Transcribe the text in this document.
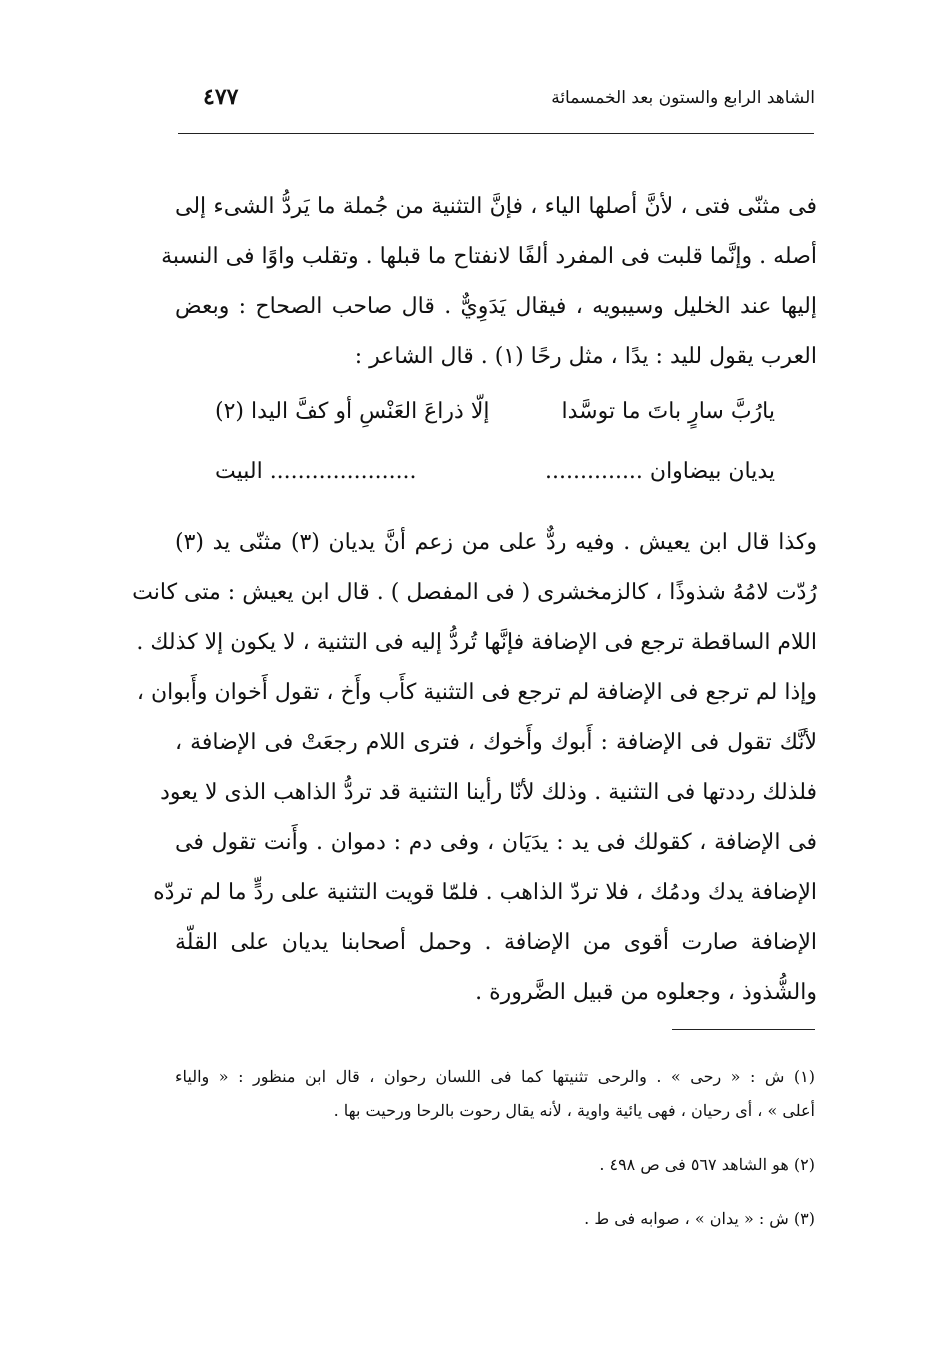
الشاهد الرابع والستون بعد الخمسمائة
٤٧٧
فى مثنّى فتى ، لأنَّ أصلها الياء ، فإنَّ التثنية من جُملة ما يَردُّ الشىء إلى
أصله . وإنَّما قلبت فى المفرد ألفًا لانفتاح ما قبلها . وتقلب واوًا فى النسبة
إليها عند الخليل وسيبويه ، فيقال يَدَوِيٌّ . قال صاحب الصحاح : وبعض
العرب يقول لليد : يدًا ، مثل رحًا (١) . قال الشاعر :
يارُبَّ سارٍ باتَ ما توسَّدا
إلّا ذراعَ العَنْسِ أو كفَّ اليدا (٢)
يديان بيضاوان ..............
..................... البيت
وكذا قال ابن يعيش . وفيه ردٌّ على من زعم أنَّ يديان (٣) مثنّى يد (٣)
رُدّت لامُهُ شذوذًا ، كالزمخشرى ( فى المفصل ) . قال ابن يعيش : متى كانت
اللام الساقطة ترجع فى الإضافة فإنَّها تُردُّ إليه فى التثنية ، لا يكون إلا كذلك .
وإذا لم ترجع فى الإضافة لم ترجع فى التثنية كأَب وأَخ ، تقول أَخوان وأَبوان ،
لأنَّك تقول فى الإضافة : أَبوك وأَخوك ، فترى اللام رجعَتْ فى الإضافة ،
فلذلك رددتها فى التثنية . وذلك لأنّا رأينا التثنية قد تردُّ الذاهب الذى لا يعود
فى الإضافة ، كقولك فى يد : يدَيَان ، وفى دم : دموان . وأَنت تقول فى
الإضافة يدك ودمُك ، فلا تردّ الذاهب . فلمّا قويت التثنية على ردٍّ ما لم تردّه
الإضافة صارت أقوى من الإضافة . وحمل أصحابنا يديان على القلّة
والشُّذوذ ، وجعلوه من قبيل الضَّرورة .
(١) ش : « رحى » . والرحى تثنيتها كما فى اللسان رحوان ، قال ابن منظور : « والياء
أعلى » ، أى رحيان ، فهى يائية واوية ، لأنه يقال رحوت بالرحا ورحيت بها .
(٢) هو الشاهد ٥٦٧ فى ص ٤٩٨ .
(٣) ش : « يدان » ، صوابه فى ط .
